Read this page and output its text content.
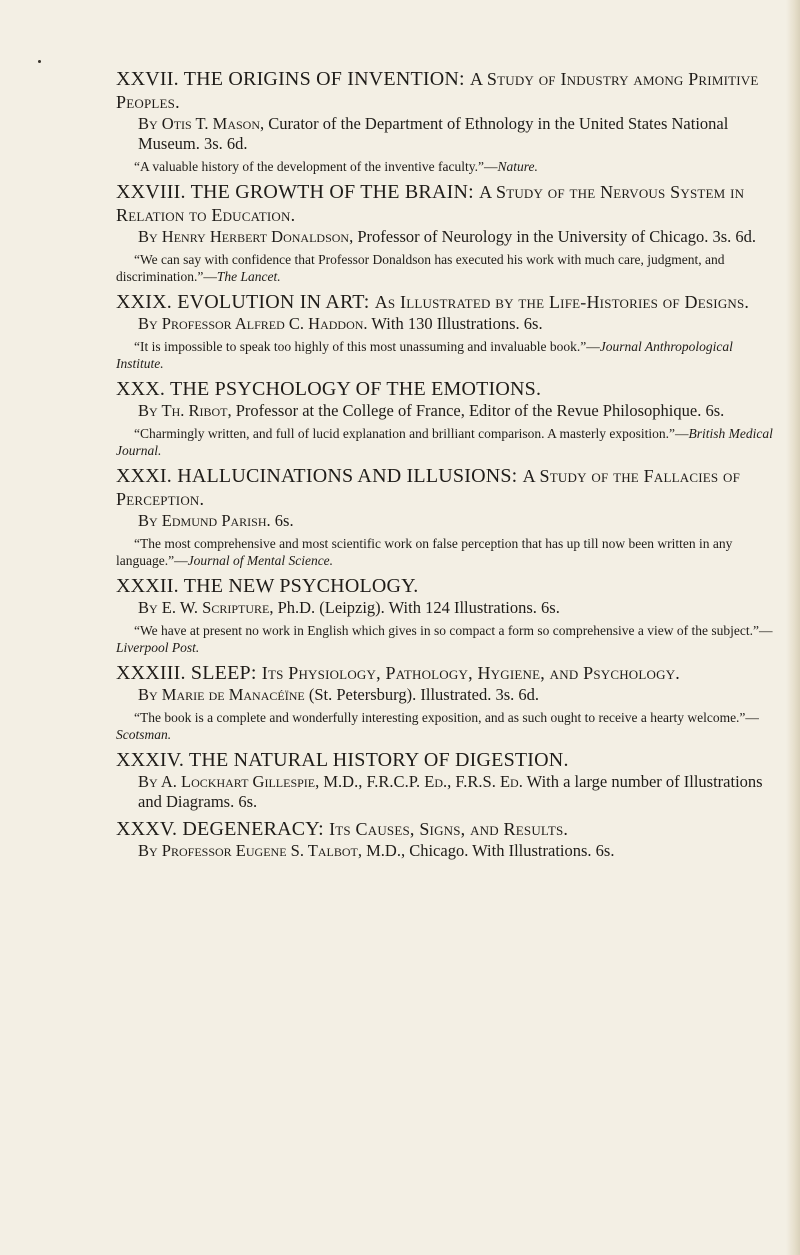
XXVII. THE ORIGINS OF INVENTION: A Study of Industry among Primitive Peoples.

By Otis T. Mason, Curator of the Department of Ethnology in the United States National Museum. 3s. 6d.

“A valuable history of the development of the inventive faculty.”—Nature.

XXVIII. THE GROWTH OF THE BRAIN: A Study of the Nervous System in Relation to Education.

By Henry Herbert Donaldson, Professor of Neurology in the University of Chicago. 3s. 6d.

“We can say with confidence that Professor Donaldson has executed his work with much care, judgment, and discrimination.”—The Lancet.

XXIX. EVOLUTION IN ART: As Illustrated by the Life-Histories of Designs.

By Professor Alfred C. Haddon. With 130 Illustrations. 6s.

“It is impossible to speak too highly of this most unassuming and invaluable book.”—Journal Anthropological Institute.

XXX. THE PSYCHOLOGY OF THE EMOTIONS.

By Th. Ribot, Professor at the College of France, Editor of the Revue Philosophique. 6s.

“Charmingly written, and full of lucid explanation and brilliant comparison. A masterly exposition.”—British Medical Journal.

XXXI. HALLUCINATIONS AND ILLUSIONS: A Study of the Fallacies of Perception.

By Edmund Parish. 6s.

“The most comprehensive and most scientific work on false perception that has up till now been written in any language.”—Journal of Mental Science.

XXXII. THE NEW PSYCHOLOGY.

By E. W. Scripture, Ph.D. (Leipzig). With 124 Illustrations. 6s.

“We have at present no work in English which gives in so compact a form so comprehensive a view of the subject.”—Liverpool Post.

XXXIII. SLEEP: Its Physiology, Pathology, Hygiene, and Psychology.

By Marie de Manacéïne (St. Petersburg). Illustrated. 3s. 6d.

“The book is a complete and wonderfully interesting exposition, and as such ought to receive a hearty welcome.”—Scotsman.

XXXIV. THE NATURAL HISTORY OF DIGESTION.

By A. Lockhart Gillespie, M.D., F.R.C.P. Ed., F.R.S. Ed. With a large number of Illustrations and Diagrams. 6s.

XXXV. DEGENERACY: Its Causes, Signs, and Results.

By Professor Eugene S. Talbot, M.D., Chicago. With Illustrations. 6s.
